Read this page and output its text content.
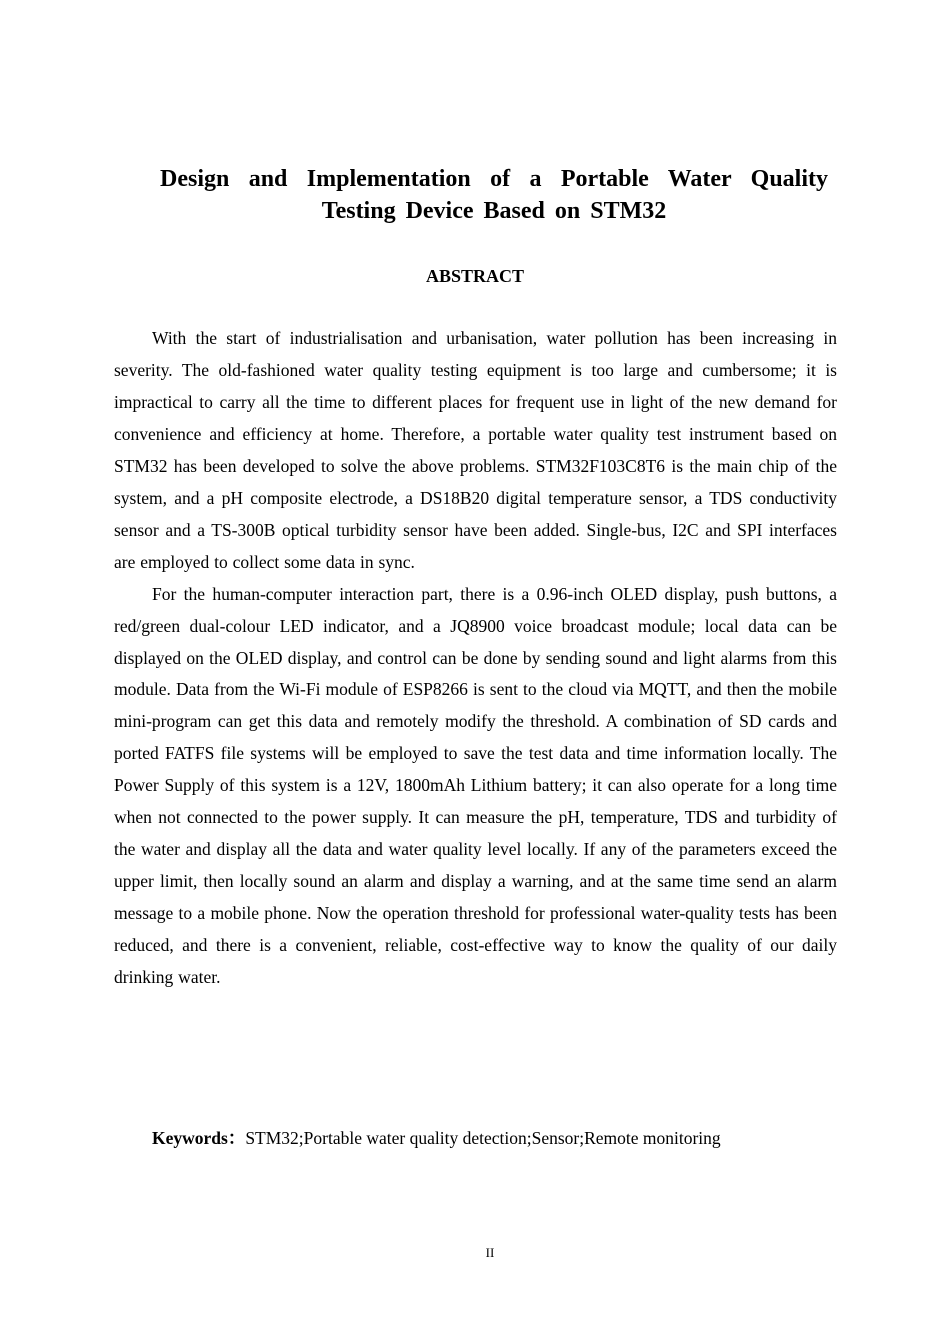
Design and Implementation of a Portable Water Quality Testing Device Based on STM32
ABSTRACT

With the start of industrialisation and urbanisation, water pollution has been increasing in severity. The old-fashioned water quality testing equipment is too large and cumbersome; it is impractical to carry all the time to different places for frequent use in light of the new demand for convenience and efficiency at home. Therefore, a portable water quality test instrument based on STM32 has been developed to solve the above problems. STM32F103C8T6 is the main chip of the system, and a pH composite electrode, a DS18B20 digital temperature sensor, a TDS conductivity sensor and a TS-300B optical turbidity sensor have been added. Single-bus, I2C and SPI interfaces are employed to collect some data in sync.

For the human-computer interaction part, there is a 0.96-inch OLED display, push buttons, a red/green dual-colour LED indicator, and a JQ8900 voice broadcast module; local data can be displayed on the OLED display, and control can be done by sending sound and light alarms from this module. Data from the Wi-Fi module of ESP8266 is sent to the cloud via MQTT, and then the mobile mini-program can get this data and remotely modify the threshold. A combination of SD cards and ported FATFS file systems will be employed to save the test data and time information locally. The Power Supply of this system is a 12V, 1800mAh Lithium battery; it can also operate for a long time when not connected to the power supply. It can measure the pH, temperature, TDS and turbidity of the water and display all the data and water quality level locally. If any of the parameters exceed the upper limit, then locally sound an alarm and display a warning, and at the same time send an alarm message to a mobile phone. Now the operation threshold for professional water-quality tests has been reduced, and there is a convenient, reliable, cost-effective way to know the quality of our daily drinking water.

Keywords：STM32;Portable water quality detection;Sensor;Remote monitoring

II
